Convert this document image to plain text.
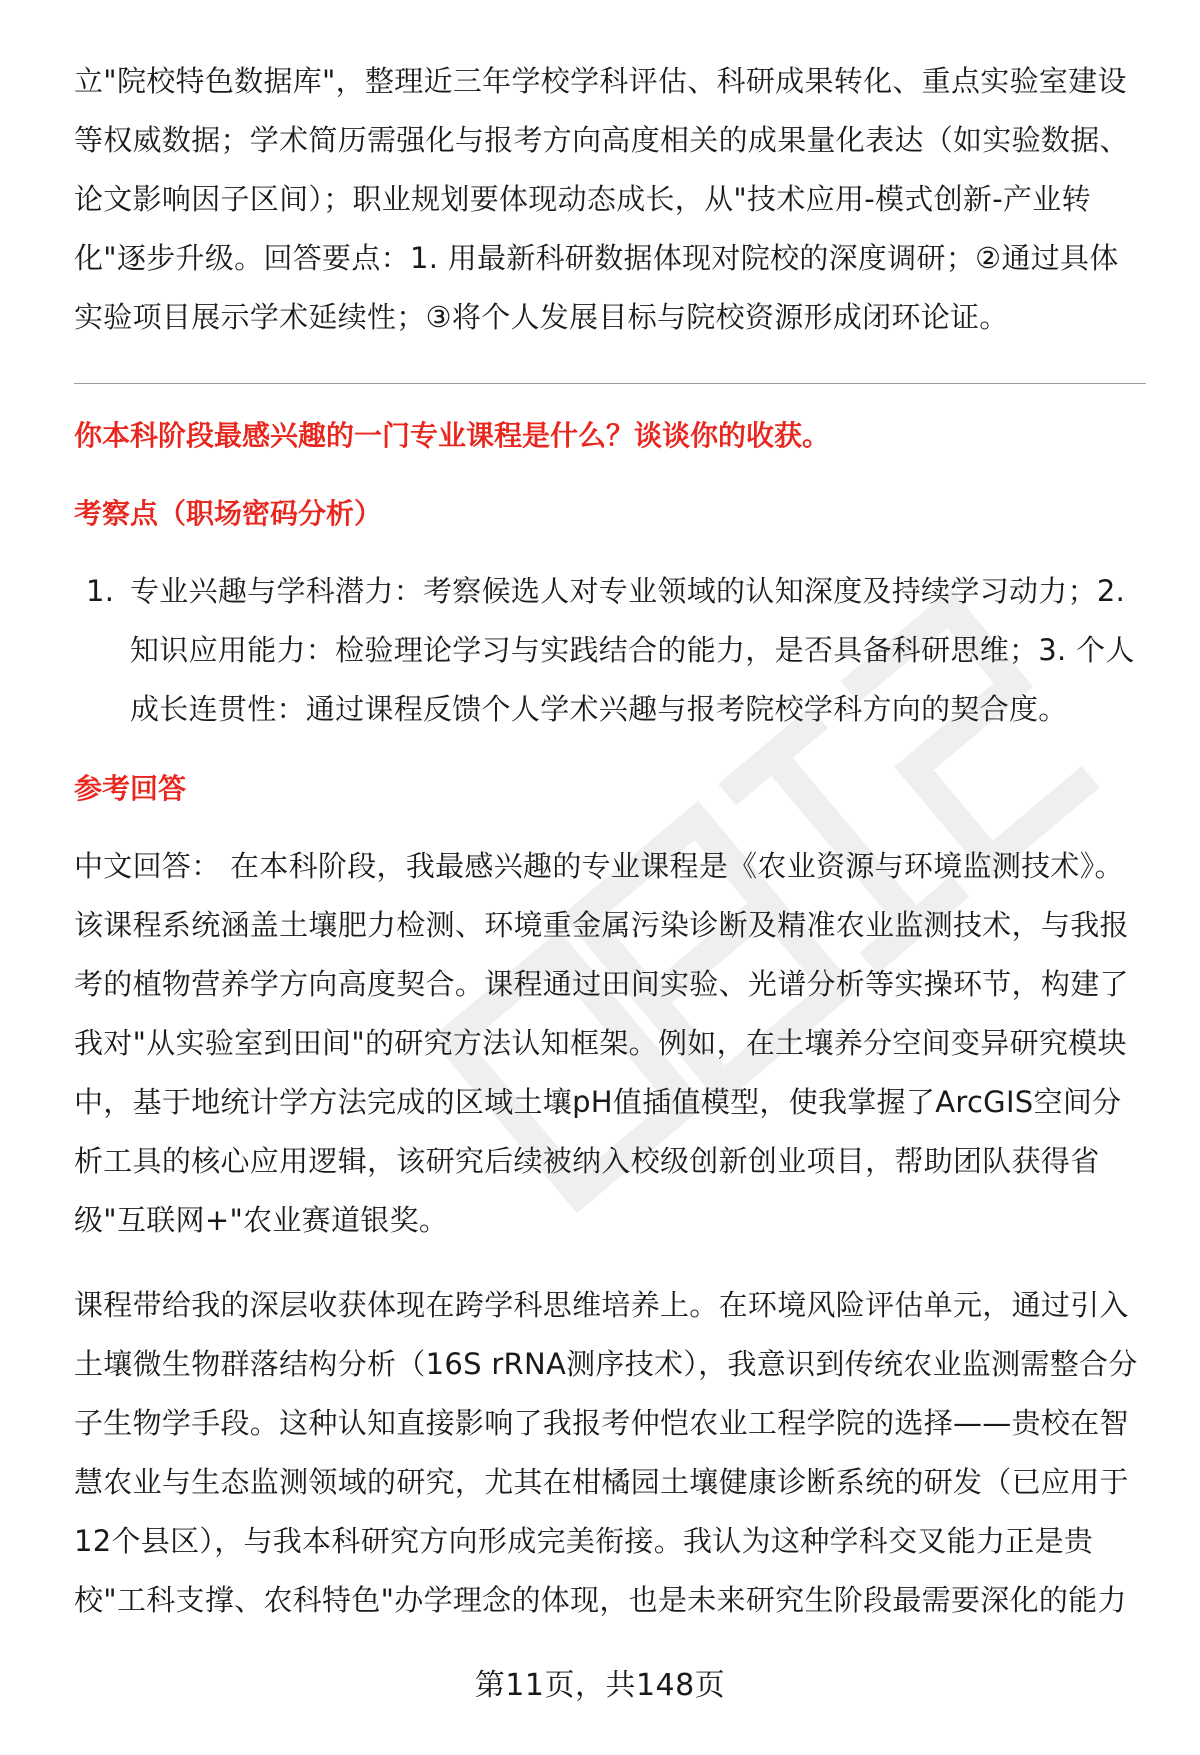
立"院校特色数据库"，整理近三年学校学科评估、科研成果转化、重点实验室建设等权威数据；学术简历需强化与报考方向高度相关的成果量化表达（如实验数据、论文影响因子区间）；职业规划要体现动态成长，从"技术应用-模式创新-产业转化"逐步升级。回答要点：1. 用最新科研数据体现对院校的深度调研；②通过具体实验项目展示学术延续性；③将个人发展目标与院校资源形成闭环论证。

你本科阶段最感兴趣的一门专业课程是什么？谈谈你的收获。

考察点（职场密码分析）

1. 专业兴趣与学科潜力：考察候选人对专业领域的认知深度及持续学习动力；2. 知识应用能力：检验理论学习与实践结合的能力，是否具备科研思维；3. 个人成长连贯性：通过课程反馈个人学术兴趣与报考院校学科方向的契合度。

参考回答

中文回答： 在本科阶段，我最感兴趣的专业课程是《农业资源与环境监测技术》。该课程系统涵盖土壤肥力检测、环境重金属污染诊断及精准农业监测技术，与我报考的植物营养学方向高度契合。课程通过田间实验、光谱分析等实操环节，构建了我对"从实验室到田间"的研究方法认知框架。例如，在土壤养分空间变异研究模块中，基于地统计学方法完成的区域土壤pH值插值模型，使我掌握了ArcGIS空间分析工具的核心应用逻辑，该研究后续被纳入校级创新创业项目，帮助团队获得省级"互联网+"农业赛道银奖。

课程带给我的深层收获体现在跨学科思维培养上。在环境风险评估单元，通过引入土壤微生物群落结构分析（16S rRNA测序技术），我意识到传统农业监测需整合分子生物学手段。这种认知直接影响了我报考仲恺农业工程学院的选择——贵校在智慧农业与生态监测领域的研究，尤其在柑橘园土壤健康诊断系统的研发（已应用于12个县区），与我本科研究方向形成完美衔接。我认为这种学科交叉能力正是贵校"工科支撑、农科特色"办学理念的体现，也是未来研究生阶段最需要深化的能力

第11页，共148页
